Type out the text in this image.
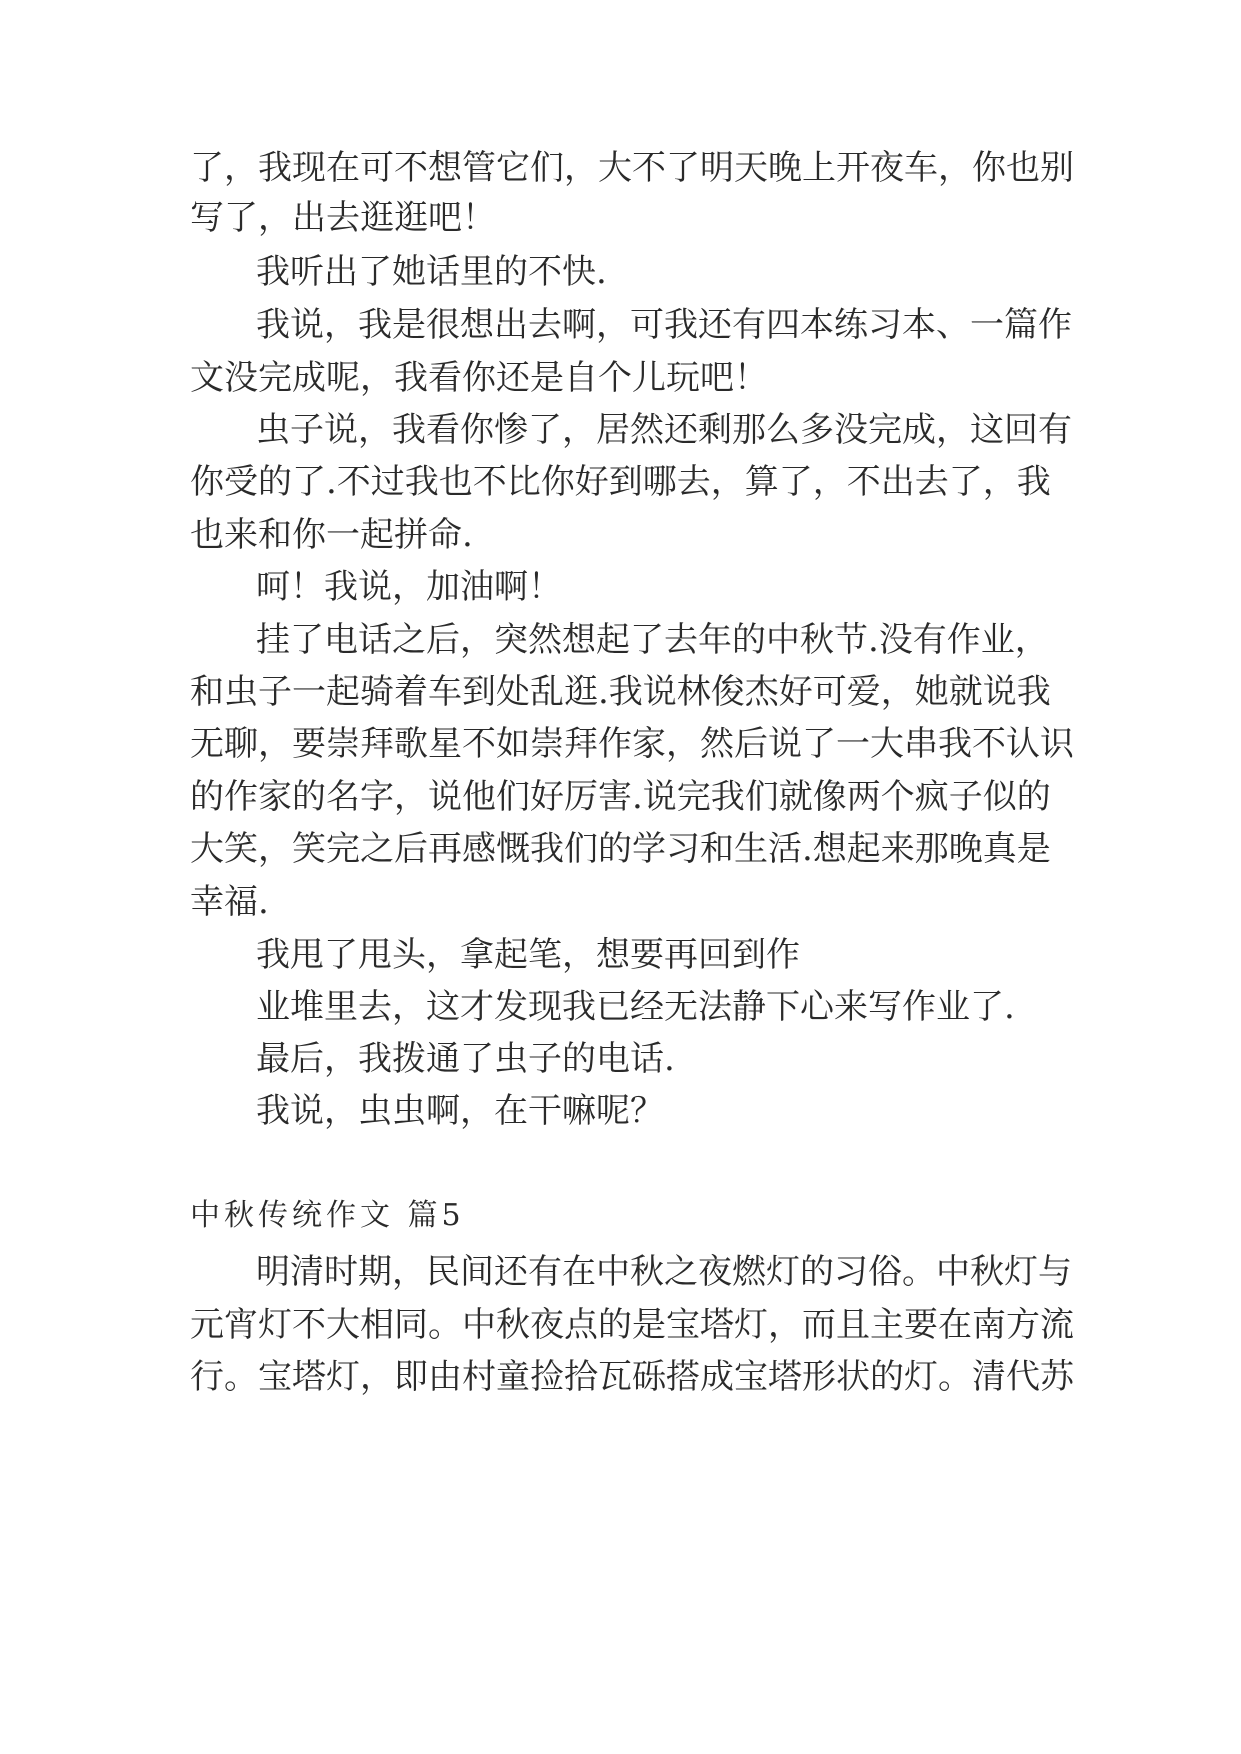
了，我现在可不想管它们，大不了明天晚上开夜车，你也别
写了，出去逛逛吧！
我听出了她话里的不快.
我说，我是很想出去啊，可我还有四本练习本、一篇作
文没完成呢，我看你还是自个儿玩吧！
虫子说，我看你惨了，居然还剩那么多没完成，这回有
你受的了.不过我也不比你好到哪去，算了，不出去了，我
也来和你一起拼命.
呵！我说，加油啊！
挂了电话之后，突然想起了去年的中秋节.没有作业，
和虫子一起骑着车到处乱逛.我说林俊杰好可爱，她就说我
无聊，要崇拜歌星不如崇拜作家，然后说了一大串我不认识
的作家的名字，说他们好厉害.说完我们就像两个疯子似的
大笑，笑完之后再感慨我们的学习和生活.想起来那晚真是
幸福.
我甩了甩头，拿起笔，想要再回到作
业堆里去，这才发现我已经无法静下心来写作业了.
最后，我拨通了虫子的电话.
我说，虫虫啊，在干嘛呢？
中秋传统作文 篇5
明清时期，民间还有在中秋之夜燃灯的习俗。中秋灯与
元宵灯不大相同。中秋夜点的是宝塔灯，而且主要在南方流
行。宝塔灯，即由村童捡拾瓦砾搭成宝塔形状的灯。清代苏
